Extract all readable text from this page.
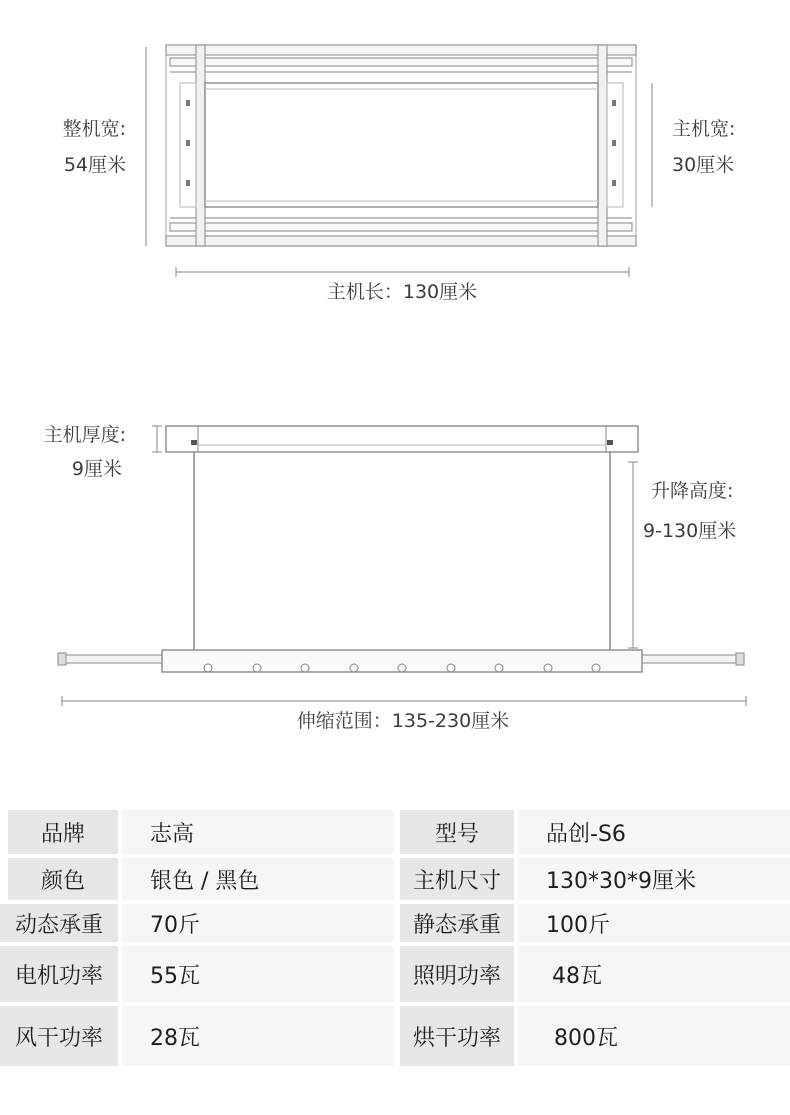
整机宽:
54厘米
主机宽:
30厘米
主机长：130厘米
主机厚度:
9厘米
升降高度:
9-130厘米
伸缩范围：135-230厘米
品牌	志高	型号	品创-S6
颜色	银色 / 黑色	主机尺寸	130*30*9厘米
动态承重	70斤	静态承重	100斤
电机功率	55瓦	照明功率	48瓦
风干功率	28瓦	烘干功率	800瓦
